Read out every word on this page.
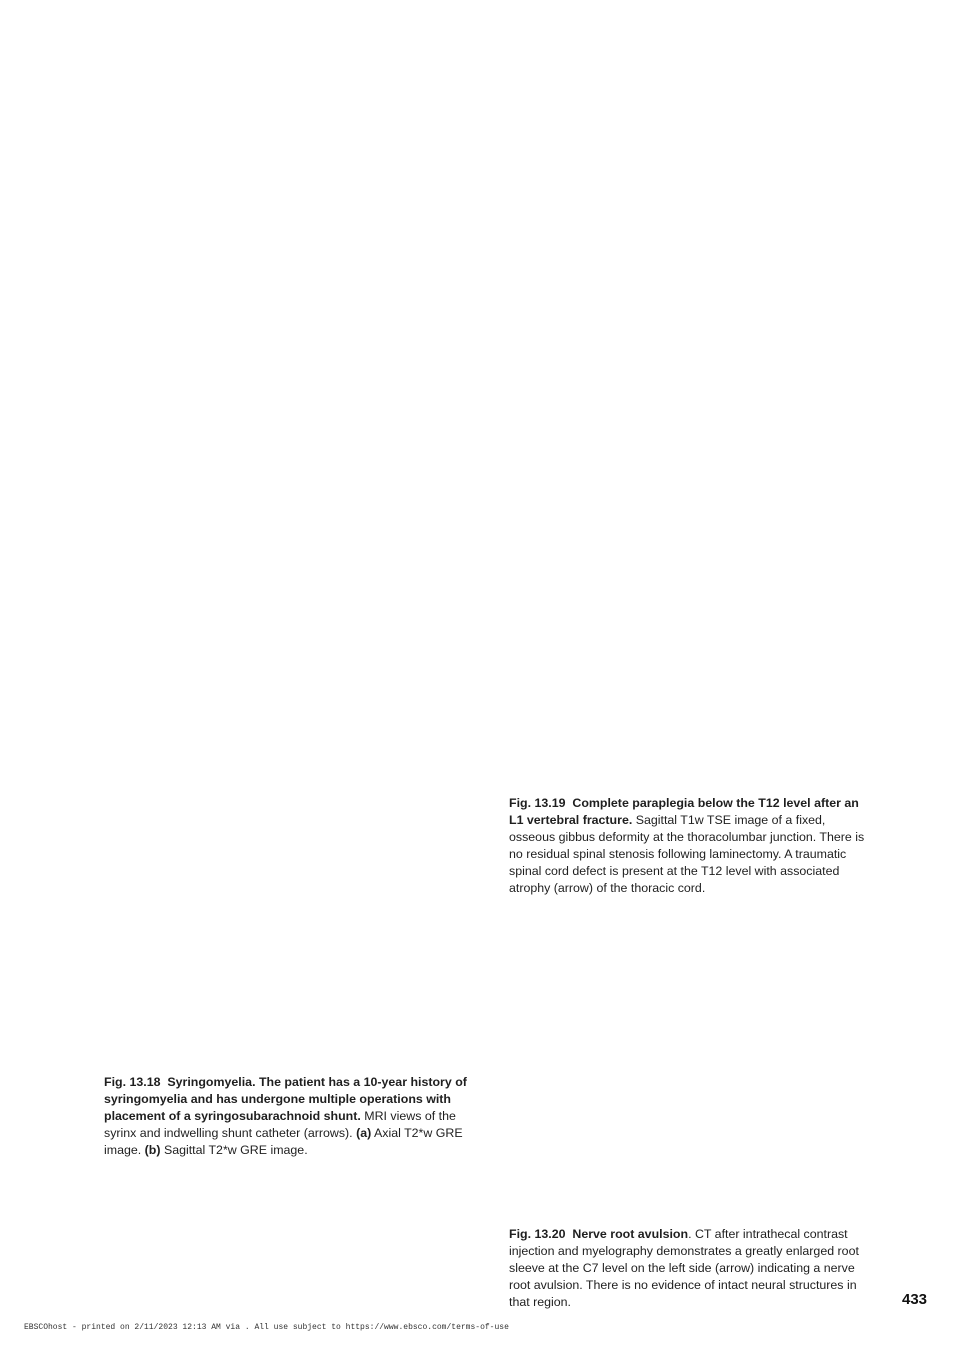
Fig. 13.19 Complete paraplegia below the T12 level after an L1 vertebral fracture. Sagittal T1w TSE image of a fixed, osseous gibbus deformity at the thoracolumbar junction. There is no residual spinal stenosis following laminectomy. A traumatic spinal cord defect is present at the T12 level with associated atrophy (arrow) of the thoracic cord.
Fig. 13.18 Syringomyelia. The patient has a 10-year history of syringomyelia and has undergone multiple operations with placement of a syringosubarachnoid shunt. MRI views of the syrinx and indwelling shunt catheter (arrows). (a) Axial T2*w GRE image. (b) Sagittal T2*w GRE image.
Fig. 13.20 Nerve root avulsion. CT after intrathecal contrast injection and myelography demonstrates a greatly enlarged root sleeve at the C7 level on the left side (arrow) indicating a nerve root avulsion. There is no evidence of intact neural structures in that region.	433
EBSCOhost - printed on 2/11/2023 12:13 AM via . All use subject to https://www.ebsco.com/terms-of-use
